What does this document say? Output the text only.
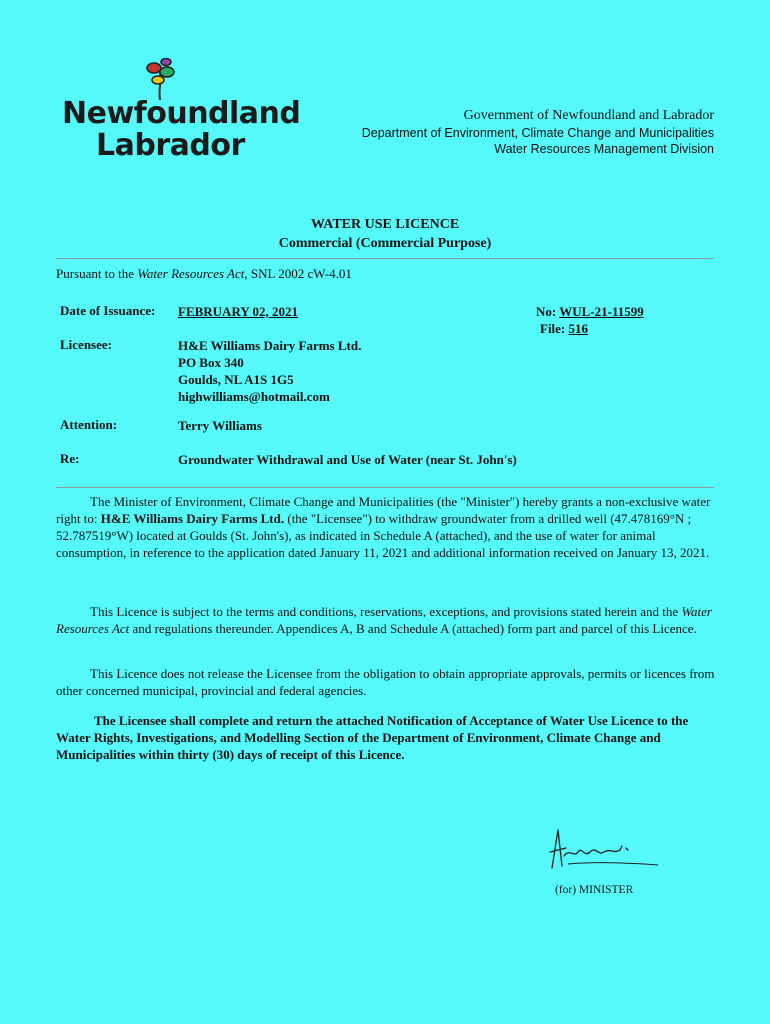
Newfoundland
Labrador
Government of Newfoundland and Labrador
Department of Environment, Climate Change and Municipalities
Water Resources Management Division
WATER USE LICENCE
Commercial (Commercial Purpose)
Pursuant to the Water Resources Act, SNL 2002 cW-4.01
Date of Issuance: FEBRUARY 02, 2021	No: WUL-21-11599
File: 516
Licensee:	H&E Williams Dairy Farms Ltd.
PO Box 340
Goulds, NL A1S 1G5
highwilliams@hotmail.com
Attention:	Terry Williams
Re:	Groundwater Withdrawal and Use of Water (near St. John's)
The Minister of Environment, Climate Change and Municipalities (the "Minister") hereby grants a non-exclusive water right to: H&E Williams Dairy Farms Ltd. (the "Licensee") to withdraw groundwater from a drilled well (47.478169°N ; 52.787519°W) located at Goulds (St. John's), as indicated in Schedule A (attached), and the use of water for animal consumption, in reference to the application dated January 11, 2021 and additional information received on January 13, 2021.
This Licence is subject to the terms and conditions, reservations, exceptions, and provisions stated herein and the Water Resources Act and regulations thereunder. Appendices A, B and Schedule A (attached) form part and parcel of this Licence.
This Licence does not release the Licensee from the obligation to obtain appropriate approvals, permits or licences from other concerned municipal, provincial and federal agencies.
The Licensee shall complete and return the attached Notification of Acceptance of Water Use Licence to the Water Rights, Investigations, and Modelling Section of the Department of Environment, Climate Change and Municipalities within thirty (30) days of receipt of this Licence.
(for) MINISTER
